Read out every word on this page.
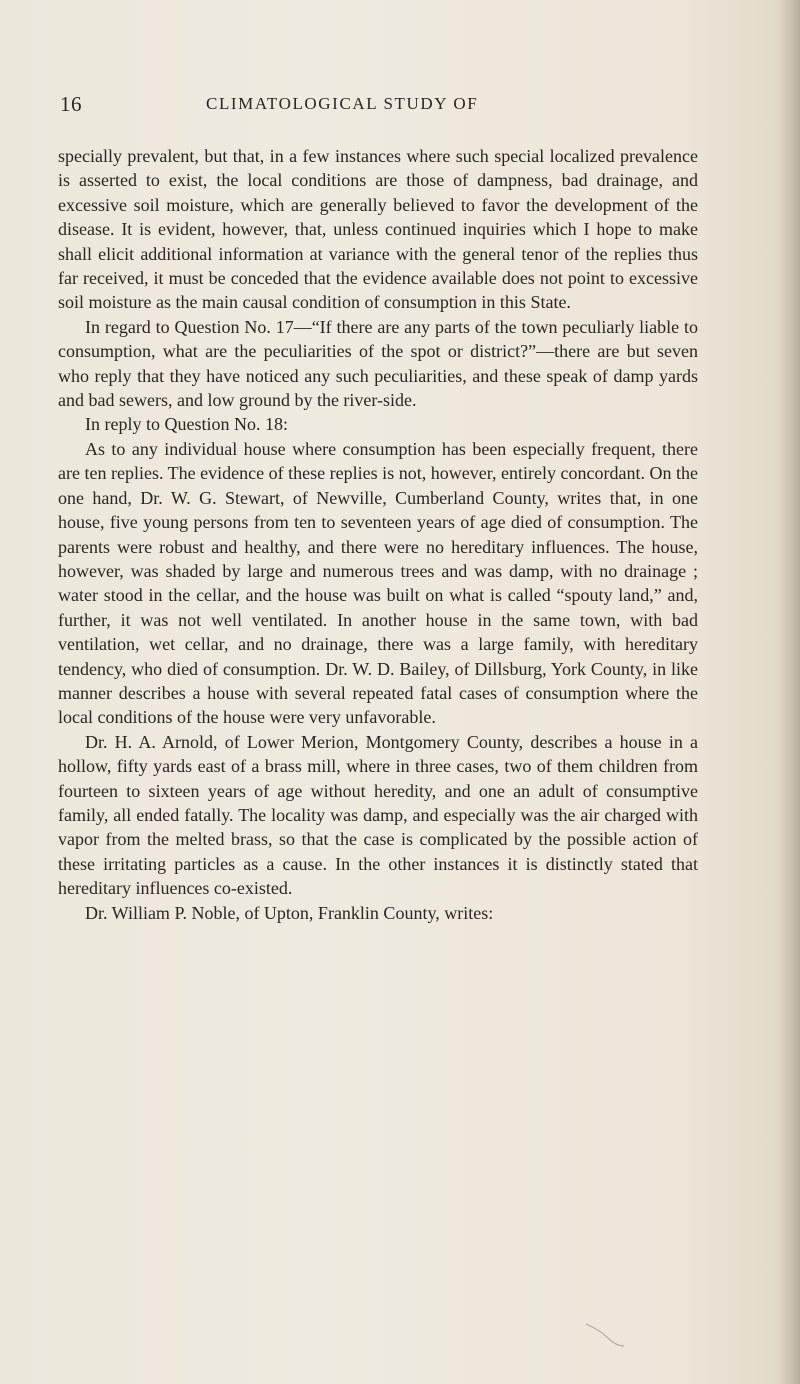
16	CLIMATOLOGICAL STUDY OF

specially prevalent, but that, in a few instances where such special localized prevalence is asserted to exist, the local conditions are those of dampness, bad drainage, and excessive soil moisture, which are generally believed to favor the development of the disease. It is evident, however, that, unless continued inquiries which I hope to make shall elicit additional information at variance with the general tenor of the replies thus far received, it must be conceded that the evidence available does not point to excessive soil moisture as the main causal condition of consumption in this State.

In regard to Question No. 17—“If there are any parts of the town peculiarly liable to consumption, what are the peculiarities of the spot or district?”—there are but seven who reply that they have noticed any such peculiarities, and these speak of damp yards and bad sewers, and low ground by the river-side.

In reply to Question No. 18:

As to any individual house where consumption has been especially frequent, there are ten replies. The evidence of these replies is not, however, entirely concordant. On the one hand, Dr. W. G. Stewart, of Newville, Cumberland County, writes that, in one house, five young persons from ten to seventeen years of age died of consumption. The parents were robust and healthy, and there were no hereditary influences. The house, however, was shaded by large and numerous trees and was damp, with no drainage ; water stood in the cellar, and the house was built on what is called “spouty land,” and, further, it was not well ventilated. In another house in the same town, with bad ventilation, wet cellar, and no drainage, there was a large family, with hereditary tendency, who died of consumption. Dr. W. D. Bailey, of Dillsburg, York County, in like manner describes a house with several repeated fatal cases of consumption where the local conditions of the house were very unfavorable.

Dr. H. A. Arnold, of Lower Merion, Montgomery County, describes a house in a hollow, fifty yards east of a brass mill, where in three cases, two of them children from fourteen to sixteen years of age without heredity, and one an adult of consumptive family, all ended fatally. The locality was damp, and especially was the air charged with vapor from the melted brass, so that the case is complicated by the possible action of these irritating particles as a cause. In the other instances it is distinctly stated that hereditary influences co-existed.

Dr. William P. Noble, of Upton, Franklin County, writes:
